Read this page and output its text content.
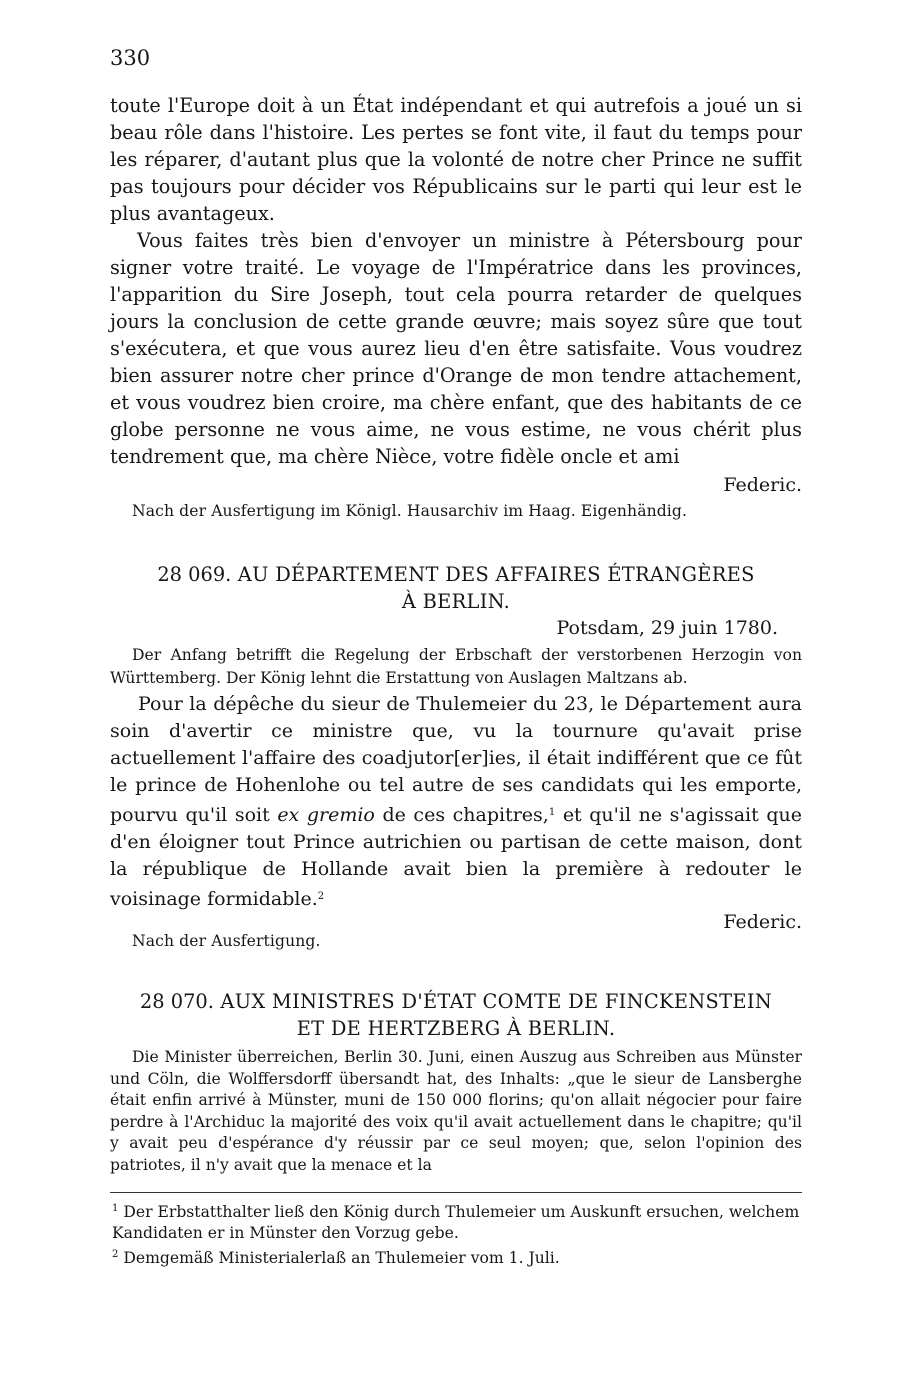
330

toute l'Europe doit à un État indépendant et qui autrefois a joué un si beau rôle dans l'histoire. Les pertes se font vite, il faut du temps pour les réparer, d'autant plus que la volonté de notre cher Prince ne suffit pas toujours pour décider vos Républicains sur le parti qui leur est le plus avantageux.

Vous faites très bien d'envoyer un ministre à Pétersbourg pour signer votre traité. Le voyage de l'Impératrice dans les provinces, l'apparition du Sire Joseph, tout cela pourra retarder de quelques jours la conclusion de cette grande œuvre; mais soyez sûre que tout s'exécutera, et que vous aurez lieu d'en être satisfaite. Vous voudrez bien assurer notre cher prince d'Orange de mon tendre attachement, et vous voudrez bien croire, ma chère enfant, que des habitants de ce globe personne ne vous aime, ne vous estime, ne vous chérit plus tendrement que, ma chère Nièce, votre fidèle oncle et ami

Federic.
Nach der Ausfertigung im Königl. Hausarchiv im Haag. Eigenhändig.
28 069. AU DÉPARTEMENT DES AFFAIRES ÉTRANGÈRES
À BERLIN.
Potsdam, 29 juin 1780.

Der Anfang betrifft die Regelung der Erbschaft der verstorbenen Herzogin von Württemberg. Der König lehnt die Erstattung von Auslagen Maltzans ab.

Pour la dépêche du sieur de Thulemeier du 23, le Département aura soin d'avertir ce ministre que, vu la tournure qu'avait prise actuellement l'affaire des coadjutor[er]ies, il était indifférent que ce fût le prince de Hohenlohe ou tel autre de ses candidats qui les emporte, pourvu qu'il soit ex gremio de ces chapitres,$^1$ et qu'il ne s'agissait que d'en éloigner tout Prince autrichien ou partisan de cette maison, dont la république de Hollande avait bien la première à redouter le voisinage formidable.$^2$

Federic.
Nach der Ausfertigung.
28 070. AUX MINISTRES D'ÉTAT COMTE DE FINCKENSTEIN
ET DE HERTZBERG À BERLIN.

Die Minister überreichen, Berlin 30. Juni, einen Auszug aus Schreiben aus Münster und Cöln, die Wolffersdorff übersandt hat, des Inhalts: „que le sieur de Lansberghe était enfin arrivé à Münster, muni de 150 000 florins; qu'on allait négocier pour faire perdre à l'Archiduc la majorité des voix qu'il avait actuellement dans le chapitre; qu'il y avait peu d'espérance d'y réussir par ce seul moyen; que, selon l'opinion des patriotes, il n'y avait que la menace et la

$^1$ Der Erbstatthalter ließ den König durch Thulemeier um Auskunft ersuchen, welchem Kandidaten er in Münster den Vorzug gebe.
$^2$ Demgemäß Ministerialerlaß an Thulemeier vom 1. Juli.
